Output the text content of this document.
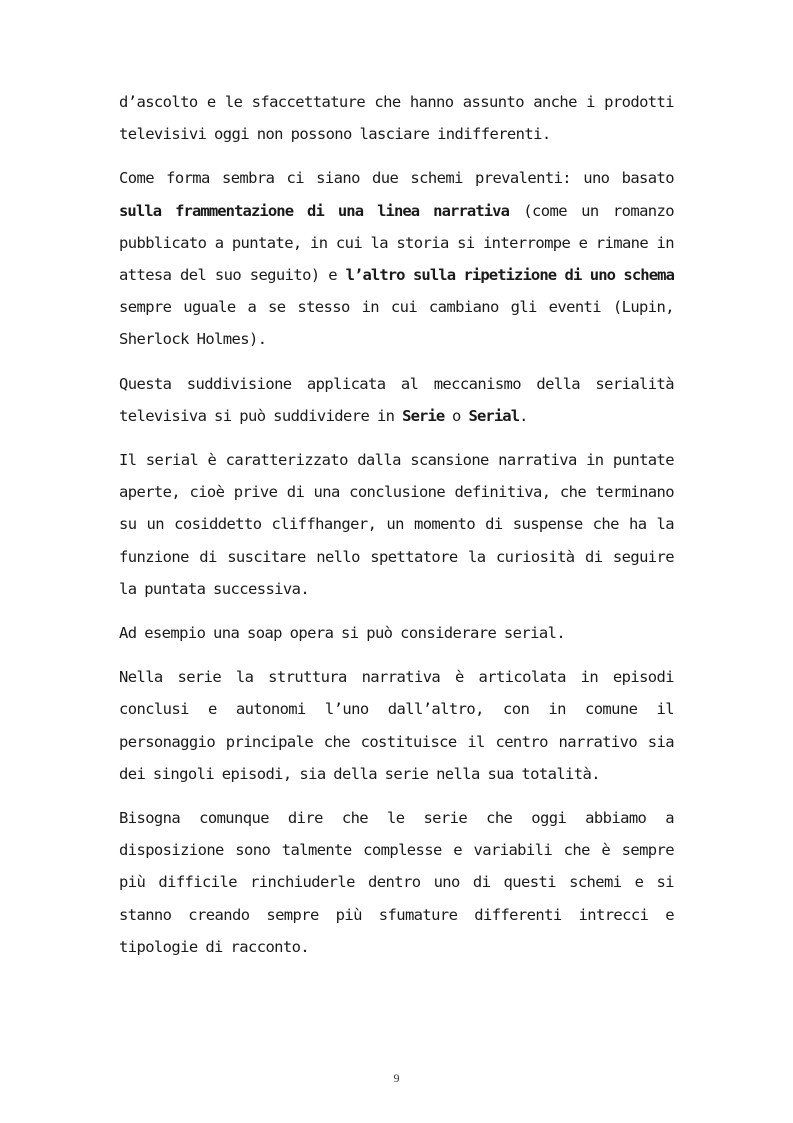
d’ascolto e le sfaccettature che hanno assunto anche i prodotti televisivi oggi non possono lasciare indifferenti.

Come forma sembra ci siano due schemi prevalenti: uno basato sulla frammentazione di una linea narrativa (come un romanzo pubblicato a puntate, in cui la storia si interrompe e rimane in attesa del suo seguito) e l’altro sulla ripetizione di uno schema sempre uguale a se stesso in cui cambiano gli eventi (Lupin, Sherlock Holmes).

Questa suddivisione applicata al meccanismo della serialità televisiva si può suddividere in Serie o Serial.

Il serial è caratterizzato dalla scansione narrativa in puntate aperte, cioè prive di una conclusione definitiva, che terminano su un cosiddetto cliffhanger, un momento di suspense che ha la funzione di suscitare nello spettatore la curiosità di seguire la puntata successiva.

Ad esempio una soap opera si può considerare serial.

Nella serie la struttura narrativa è articolata in episodi conclusi e autonomi l’uno dall’altro, con in comune il personaggio principale che costituisce il centro narrativo sia dei singoli episodi, sia della serie nella sua totalità.

Bisogna comunque dire che le serie che oggi abbiamo a disposizione sono talmente complesse e variabili che è sempre più difficile rinchiuderle dentro uno di questi schemi e si stanno creando sempre più sfumature differenti intrecci e tipologie di racconto.

9
